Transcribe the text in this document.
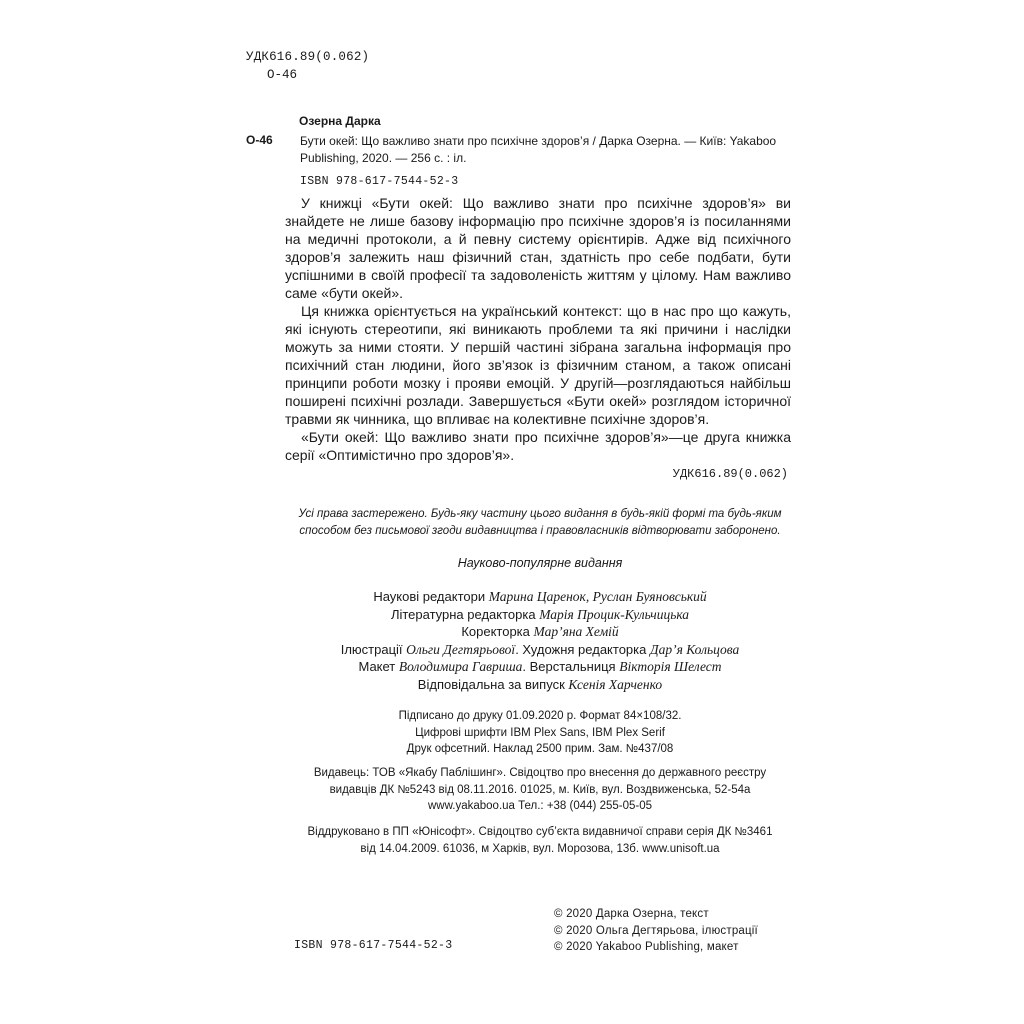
УДК616.89(0.062)
О-46
Озерна Дарка
О-46 Бути окей: Що важливо знати про психічне здоров’я / Дарка Озерна. — Київ: Yakaboo
Publishing, 2020. — 256 с. : іл.
ISBN 978-617-7544-52-3

У книжці «Бути окей: Що важливо знати про психічне здоров’я» ви знайдете не лише базову інформацію про психічне здоров’я із посиланнями на медичні протоколи, а й певну систему орієнтирів. Адже від психічного здоров’я залежить наш фізичний стан, здатність про себе подбати, бути успішними в своїй професії та задоволеність життям у цілому. Нам важливо саме «бути окей».

Ця книжка орієнтується на український контекст: що в нас про що кажуть, які існують стереотипи, які виникають проблеми та які причини і наслідки можуть за ними стояти. У першій частині зібрана загальна інформація про психічний стан людини, його зв’язок із фізичним станом, а також описані принципи роботи мозку і прояви емоцій. У другій—розглядаються найбільш поширені психічні розлади. Завершується «Бути окей» розглядом історичної травми як чинника, що впливає на колективне психічне здоров’я.

«Бути окей: Що важливо знати про психічне здоров’я»—це друга книжка серії «Оптимістично про здоров’я».

УДК616.89(0.062)
Усі права застережено. Будь-яку частину цього видання в будь-якій формі та будь-яким
способом без письмової згоди видавництва і правовласників відтворювати заборонено.
Науково-популярне видання
Наукові редактори Марина Царенок, Руслан Буяновський
Літературна редакторка Марія Процик-Кульчицька
Коректорка Мар’яна Хемій
Ілюстрації Ольги Дегтярьової. Художня редакторка Дар’я Кольцова
Макет Володимира Гавриша. Верстальниця Вікторія Шелест
Відповідальна за випуск Ксенія Харченко
Підписано до друку 01.09.2020 р. Формат 84×108/32.
Цифрові шрифти IBM Plex Sans, IBM Plex Serif
Друк офсетний. Наклад 2500 прим. Зам. №437/08
Видавець: ТОВ «Якабу Паблішинг». Свідоцтво про внесення до державного реєстру
видавців ДК №5243 від 08.11.2016. 01025, м. Київ, вул. Воздвиженська, 52-54а
www.yakaboo.ua Тел.: +38 (044) 255-05-05
Віддруковано в ПП «Юнісофт». Свідоцтво суб’єкта видавничої справи серія ДК №3461
від 14.04.2009. 61036, м Харків, вул. Морозова, 13б. www.unisoft.ua
ISBN 978-617-7544-52-3
© 2020 Дарка Озерна, текст
© 2020 Ольга Дегтярьова, ілюстрації
© 2020 Yakaboo Publishing, макет
